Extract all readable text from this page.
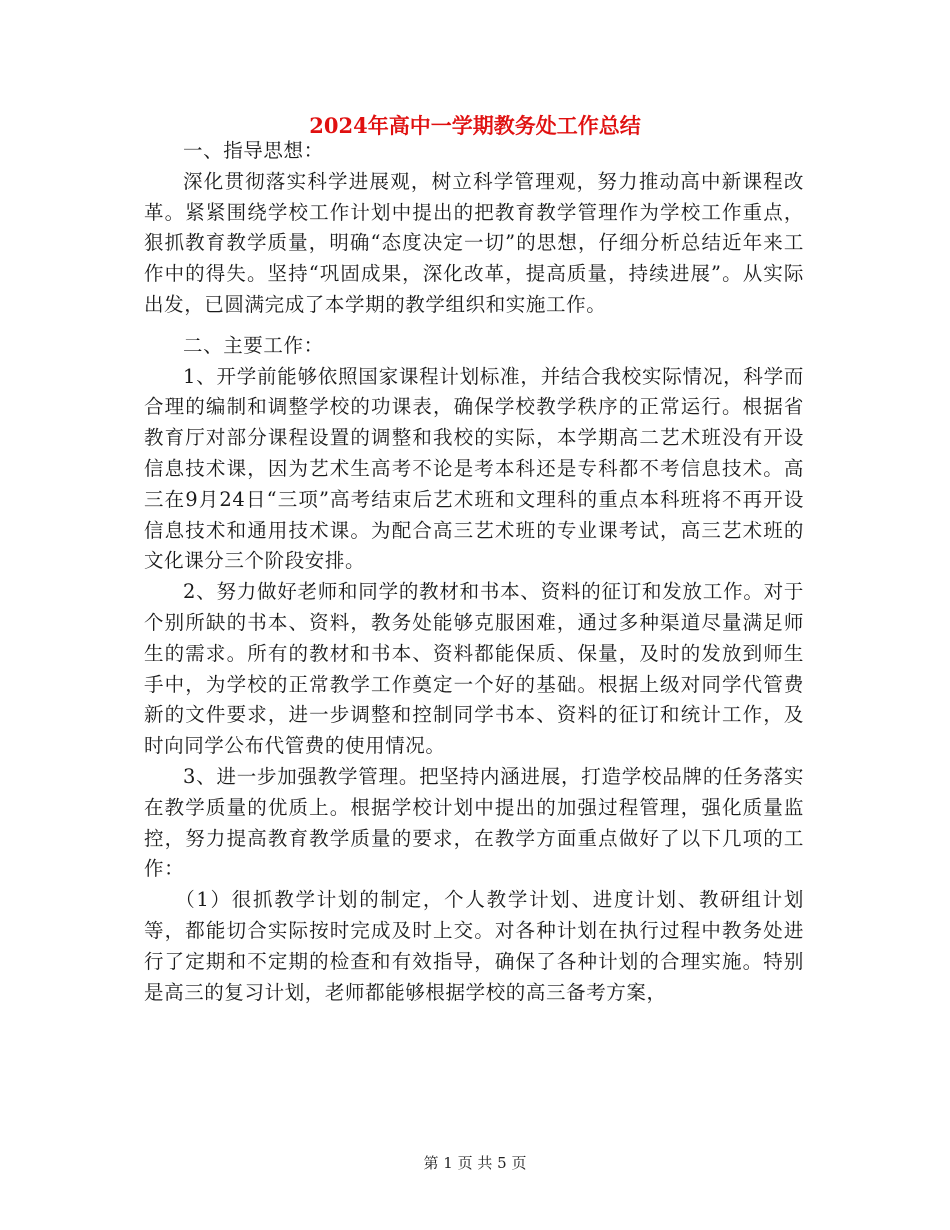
2024年高中一学期教务处工作总结

一、指导思想：

深化贯彻落实科学进展观，树立科学管理观，努力推动高中新课程改革。紧紧围绕学校工作计划中提出的把教育教学管理作为学校工作重点，狠抓教育教学质量，明确“态度决定一切”的思想，仔细分析总结近年来工作中的得失。坚持“巩固成果，深化改革，提高质量，持续进展”。从实际出发，已圆满完成了本学期的教学组织和实施工作。

二、主要工作：

1、开学前能够依照国家课程计划标准，并结合我校实际情况，科学而合理的编制和调整学校的功课表，确保学校教学秩序的正常运行。根据省教育厅对部分课程设置的调整和我校的实际，本学期高二艺术班没有开设信息技术课，因为艺术生高考不论是考本科还是专科都不考信息技术。高三在9月24日“三项”高考结束后艺术班和文理科的重点本科班将不再开设信息技术和通用技术课。为配合高三艺术班的专业课考试，高三艺术班的文化课分三个阶段安排。

2、努力做好老师和同学的教材和书本、资料的征订和发放工作。对于个别所缺的书本、资料，教务处能够克服困难，通过多种渠道尽量满足师生的需求。所有的教材和书本、资料都能保质、保量，及时的发放到师生手中，为学校的正常教学工作奠定一个好的基础。根据上级对同学代管费新的文件要求，进一步调整和控制同学书本、资料的征订和统计工作，及时向同学公布代管费的使用情况。

3、进一步加强教学管理。把坚持内涵进展，打造学校品牌的任务落实在教学质量的优质上。根据学校计划中提出的加强过程管理，强化质量监控，努力提高教育教学质量的要求，在教学方面重点做好了以下几项的工作：

（1）很抓教学计划的制定，个人教学计划、进度计划、教研组计划等，都能切合实际按时完成及时上交。对各种计划在执行过程中教务处进行了定期和不定期的检查和有效指导，确保了各种计划的合理实施。特别是高三的复习计划，老师都能够根据学校的高三备考方案，

第 1 页 共 5 页
